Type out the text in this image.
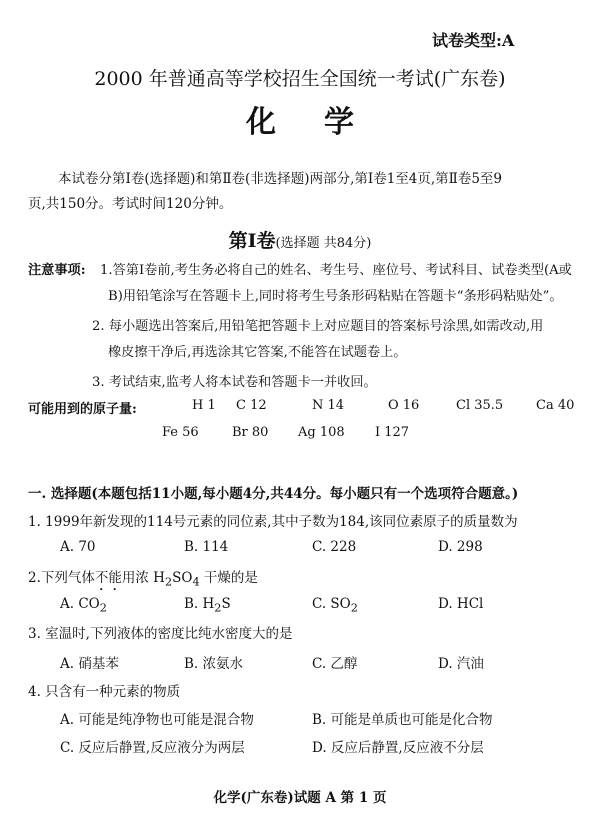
试卷类型:A
2000 年普通高等学校招生全国统一考试(广东卷)
化学
本试卷分第Ⅰ卷(选择题)和第Ⅱ卷(非选择题)两部分,第Ⅰ卷1至4页,第Ⅱ卷5至9
页,共150分。考试时间120分钟。
第Ⅰ卷(选择题 共84分)
注意事项: 1.答第Ⅰ卷前,考生务必将自己的姓名、考生号、座位号、考试科目、试卷类型(A或
B)用铅笔涂写在答题卡上,同时将考生号条形码粘贴在答题卡“条形码粘贴处”。
2. 每小题选出答案后,用铅笔把答题卡上对应题目的答案标号涂黑,如需改动,用
橡皮擦干净后,再选涂其它答案,不能答在试题卷上。
3. 考试结束,监考人将本试卷和答题卡一并收回。
可能用到的原子量:	H 1 C 12	N 14	O 16	Cl 35.5	Ca 40
Fe 56	Br 80 Ag 108 I 127
一. 选择题(本题包括11小题,每小题4分,共44分。每小题只有一个选项符合题意。)
1. 1999年新发现的114号元素的同位素,其中子数为184,该同位素原子的质量数为
A. 70	B. 114	C. 228	D. 298
2.下列气体不能用浓 $H_2SO_4$ 干燥的是
A. $CO_2$	B. $H_2S$	C. $SO_2$	D. HCl
3. 室温时,下列液体的密度比纯水密度大的是
A. 硝基苯	B. 浓氨水	C. 乙醇	D. 汽油
4. 只含有一种元素的物质
A. 可能是纯净物也可能是混合物	B. 可能是单质也可能是化合物
C. 反应后静置,反应液分为两层	D. 反应后静置,反应液不分层
化学(广东卷)试题 A 第 1 页
